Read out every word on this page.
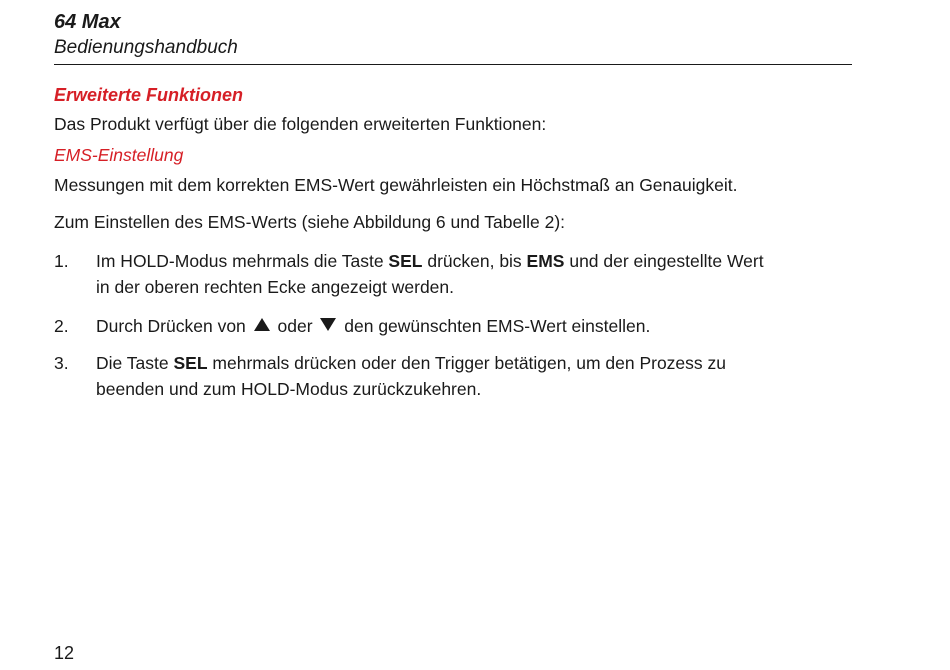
64 Max
Bedienungshandbuch
Erweiterte Funktionen
Das Produkt verfügt über die folgenden erweiterten Funktionen:
EMS-Einstellung
Messungen mit dem korrekten EMS-Wert gewährleisten ein Höchstmaß an Genauigkeit.
Zum Einstellen des EMS-Werts (siehe Abbildung 6 und Tabelle 2):
1. Im HOLD-Modus mehrmals die Taste SEL drücken, bis EMS und der eingestellte Wert
in der oberen rechten Ecke angezeigt werden.
2. Durch Drücken von  oder  den gewünschten EMS-Wert einstellen.
3. Die Taste SEL mehrmals drücken oder den Trigger betätigen, um den Prozess zu
beenden und zum HOLD-Modus zurückzukehren.
12
